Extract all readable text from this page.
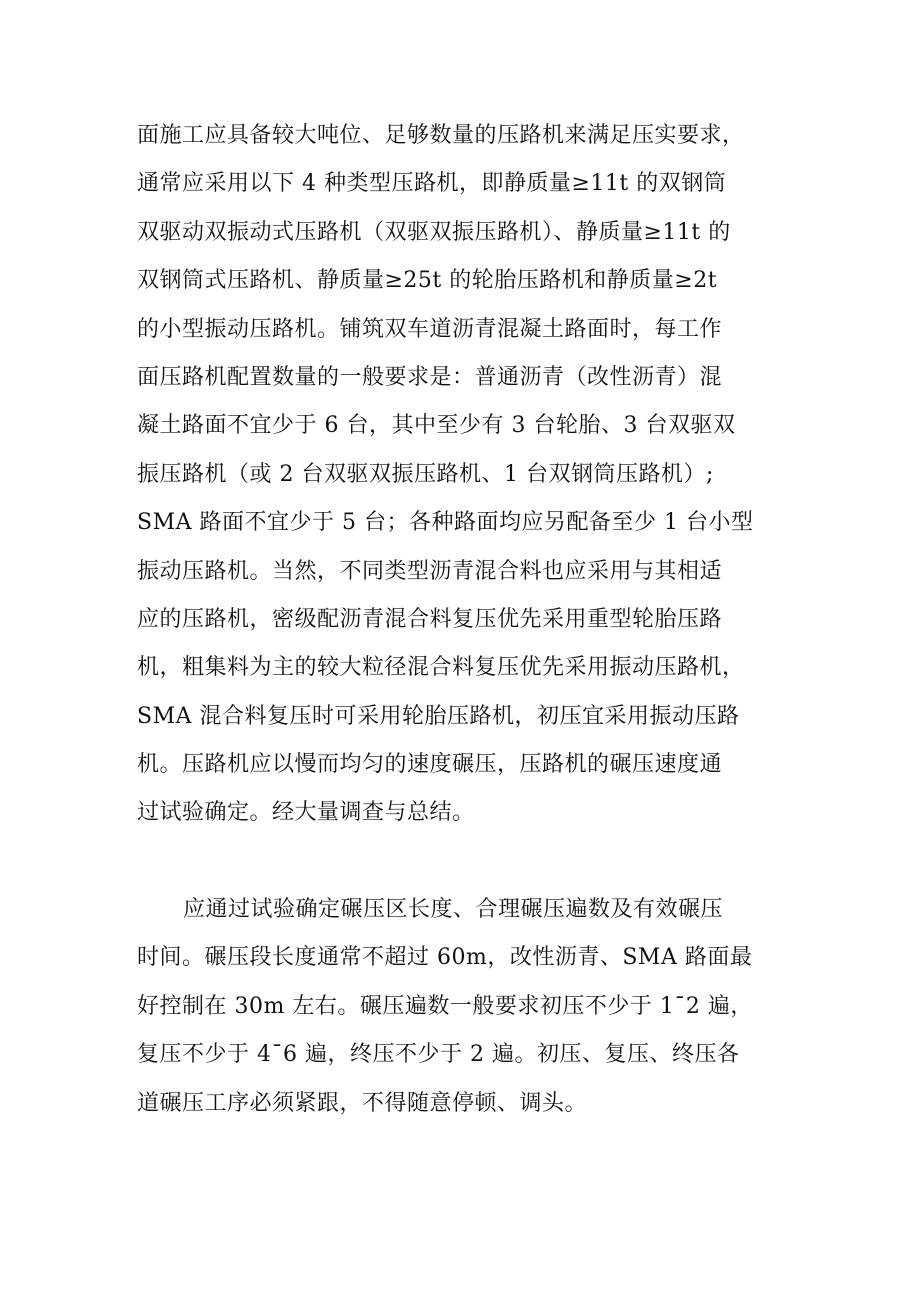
面施工应具备较大吨位、足够数量的压路机来满足压实要求，
通常应采用以下 4 种类型压路机，即静质量≥11t 的双钢筒
双驱动双振动式压路机（双驱双振压路机）、静质量≥11t 的
双钢筒式压路机、静质量≥25t 的轮胎压路机和静质量≥2t
的小型振动压路机。铺筑双车道沥青混凝土路面时，每工作
面压路机配置数量的一般要求是：普通沥青（改性沥青）混
凝土路面不宜少于 6 台，其中至少有 3 台轮胎、3 台双驱双
振压路机（或 2 台双驱双振压路机、1 台双钢筒压路机）;
SMA 路面不宜少于 5 台；各种路面均应另配备至少 1 台小型
振动压路机。当然，不同类型沥青混合料也应采用与其相适
应的压路机，密级配沥青混合料复压优先采用重型轮胎压路
机，粗集料为主的较大粒径混合料复压优先采用振动压路机，
SMA 混合料复压时可采用轮胎压路机，初压宜采用振动压路
机。压路机应以慢而均匀的速度碾压，压路机的碾压速度通
过试验确定。经大量调查与总结。
应通过试验确定碾压区长度、合理碾压遍数及有效碾压
时间。碾压段长度通常不超过 60m，改性沥青、SMA 路面最
好控制在 30m 左右。碾压遍数一般要求初压不少于 1¯2 遍，
复压不少于 4¯6 遍，终压不少于 2 遍。初压、复压、终压各
道碾压工序必须紧跟，不得随意停顿、调头。
